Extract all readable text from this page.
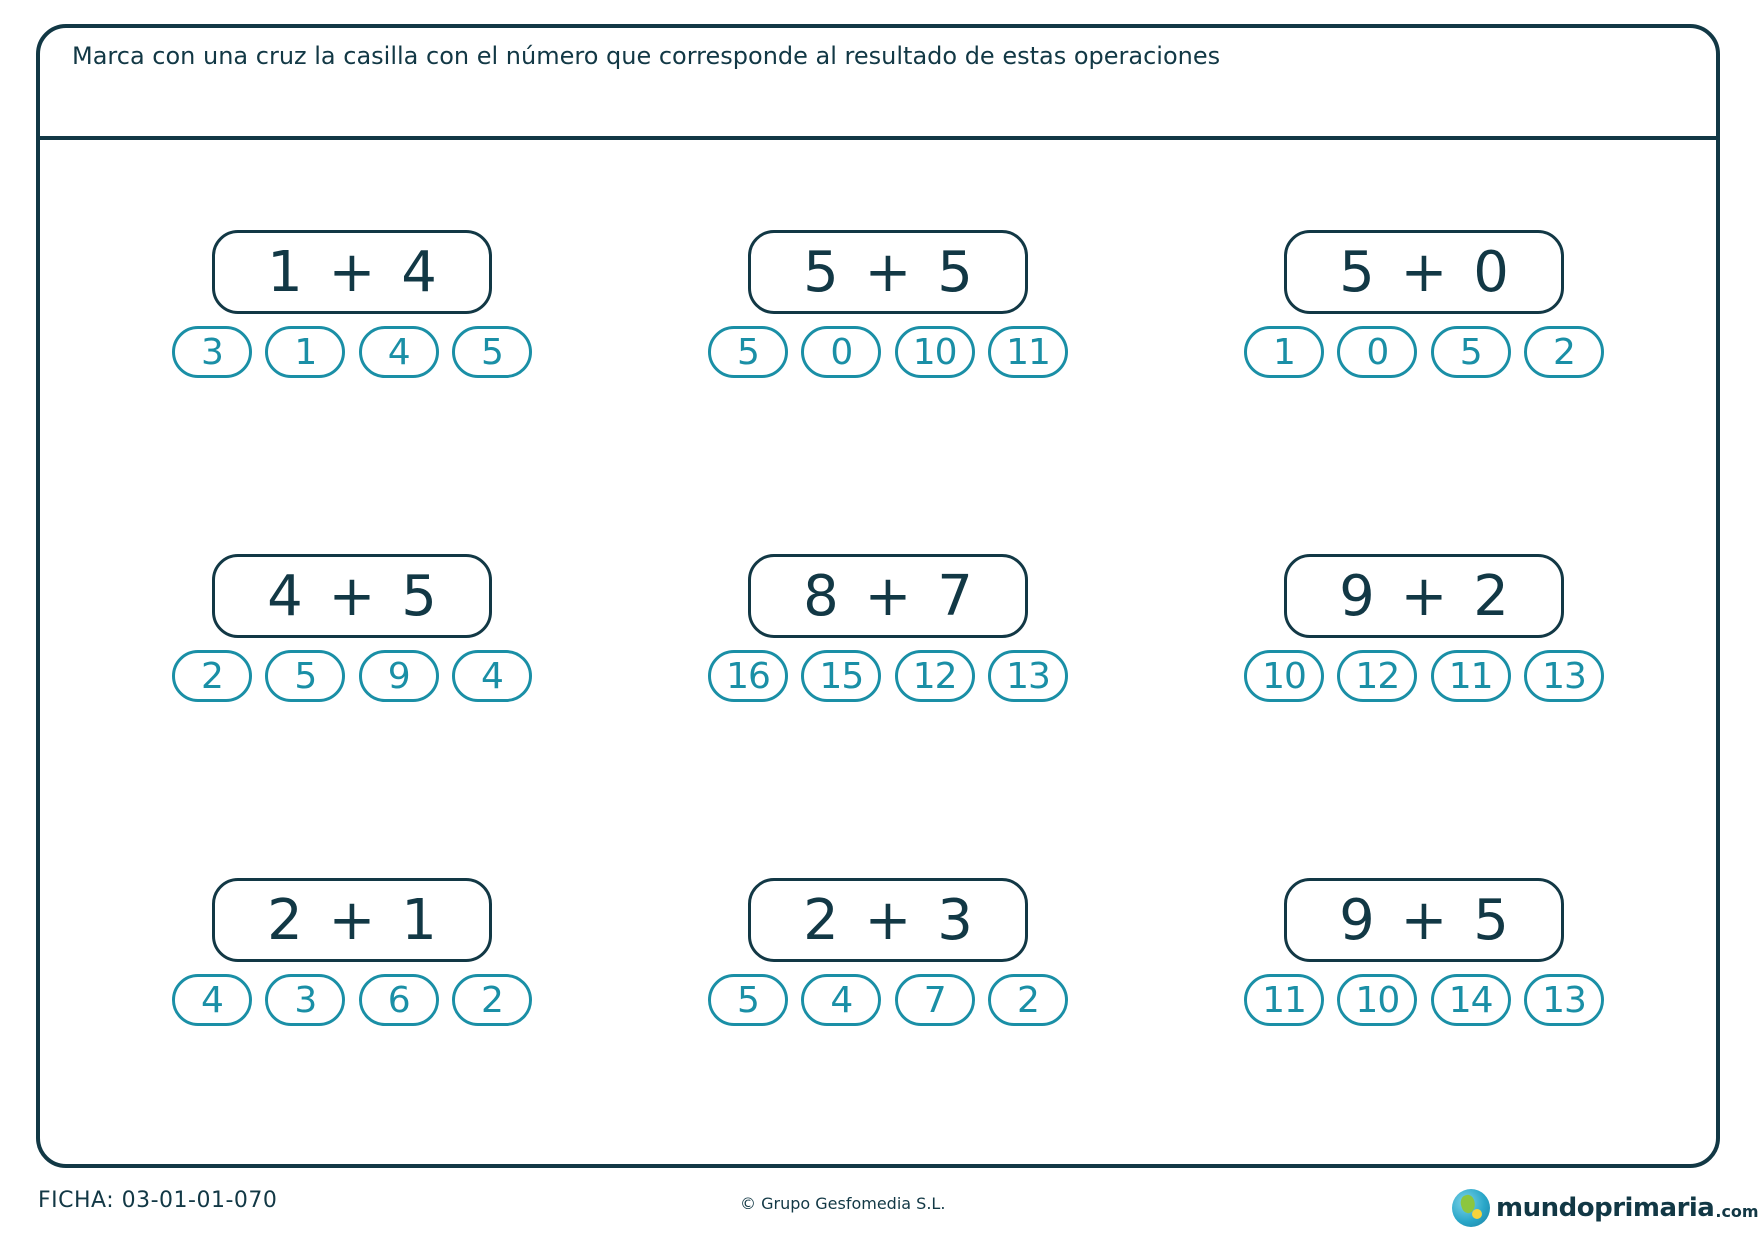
Marca con una cruz la casilla con el número que corresponde al resultado de estas operaciones
1 + 4
3	1	4	5
5 + 5
5	0	10	11
5 + 0
1	0	5	2
4 + 5
2	5	9	4
8 + 7
16	15	12	13
9 + 2
10	12	11	13
2 + 1
4	3	6	2
2 + 3
5	4	7	2
9 + 5
11	10	14	13
FICHA: 03-01-01-070	© Grupo Gesfomedia S.L.	mundoprimaria .com
